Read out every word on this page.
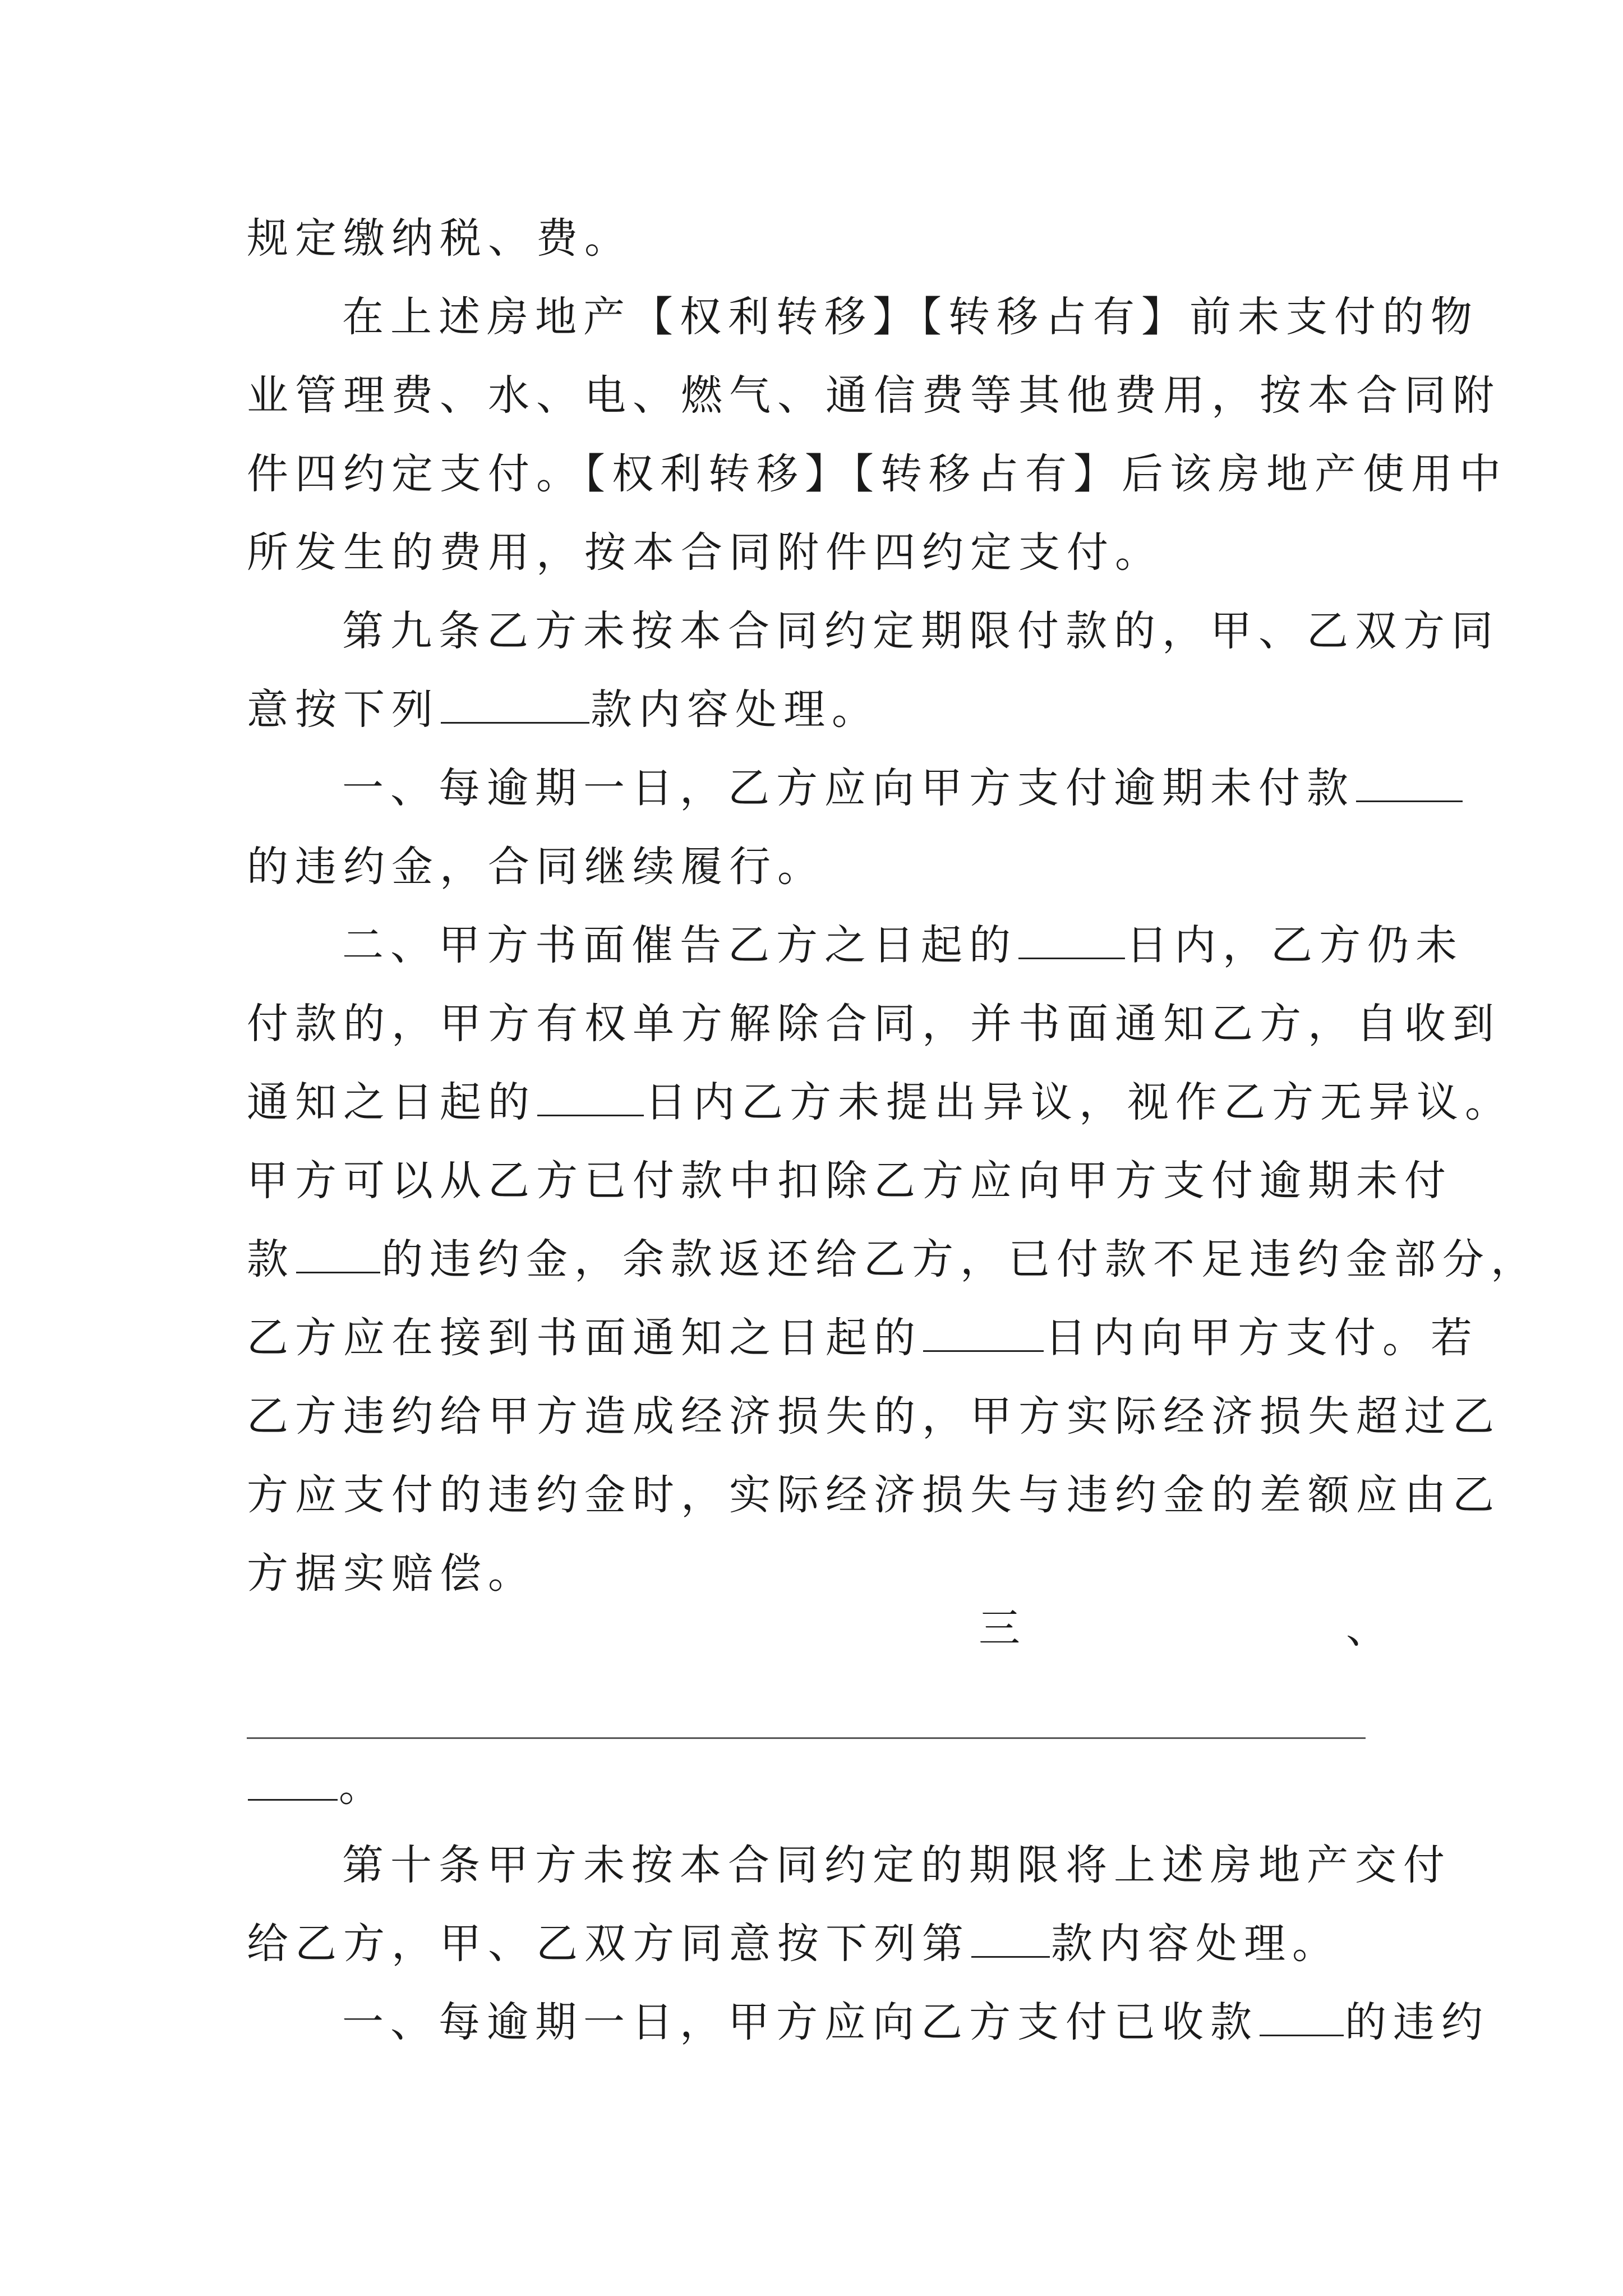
规定缴纳税、费。
在上述房地产【权利转移】【转移占有】前未支付的物
业管理费、水、电、燃气、通信费等其他费用，按本合同附
件四约定支付。【权利转移】【转移占有】后该房地产使用中
所发生的费用，按本合同附件四约定支付。
第九条乙方未按本合同约定期限付款的，甲、乙双方同
意按下列	款内容处理。
一、每逾期一日，乙方应向甲方支付逾期未付款
的违约金，合同继续履行。
二、甲方书面催告乙方之日起的	日内，乙方仍未
付款的，甲方有权单方解除合同，并书面通知乙方，自收到
通知之日起的	日内乙方未提出异议，视作乙方无异议。
甲方可以从乙方已付款中扣除乙方应向甲方支付逾期未付
款 的违约金，余款返还给乙方，已付款不足违约金部分，
乙方应在接到书面通知之日起的	日内向甲方支付。若
乙方违约给甲方造成经济损失的，甲方实际经济损失超过乙
方应支付的违约金时，实际经济损失与违约金的差额应由乙
方据实赔偿。
三	、
。
第十条甲方未按本合同约定的期限将上述房地产交付
给乙方，甲、乙双方同意按下列第 款内容处理。
一、每逾期一日，甲方应向乙方支付已收款 的违约
